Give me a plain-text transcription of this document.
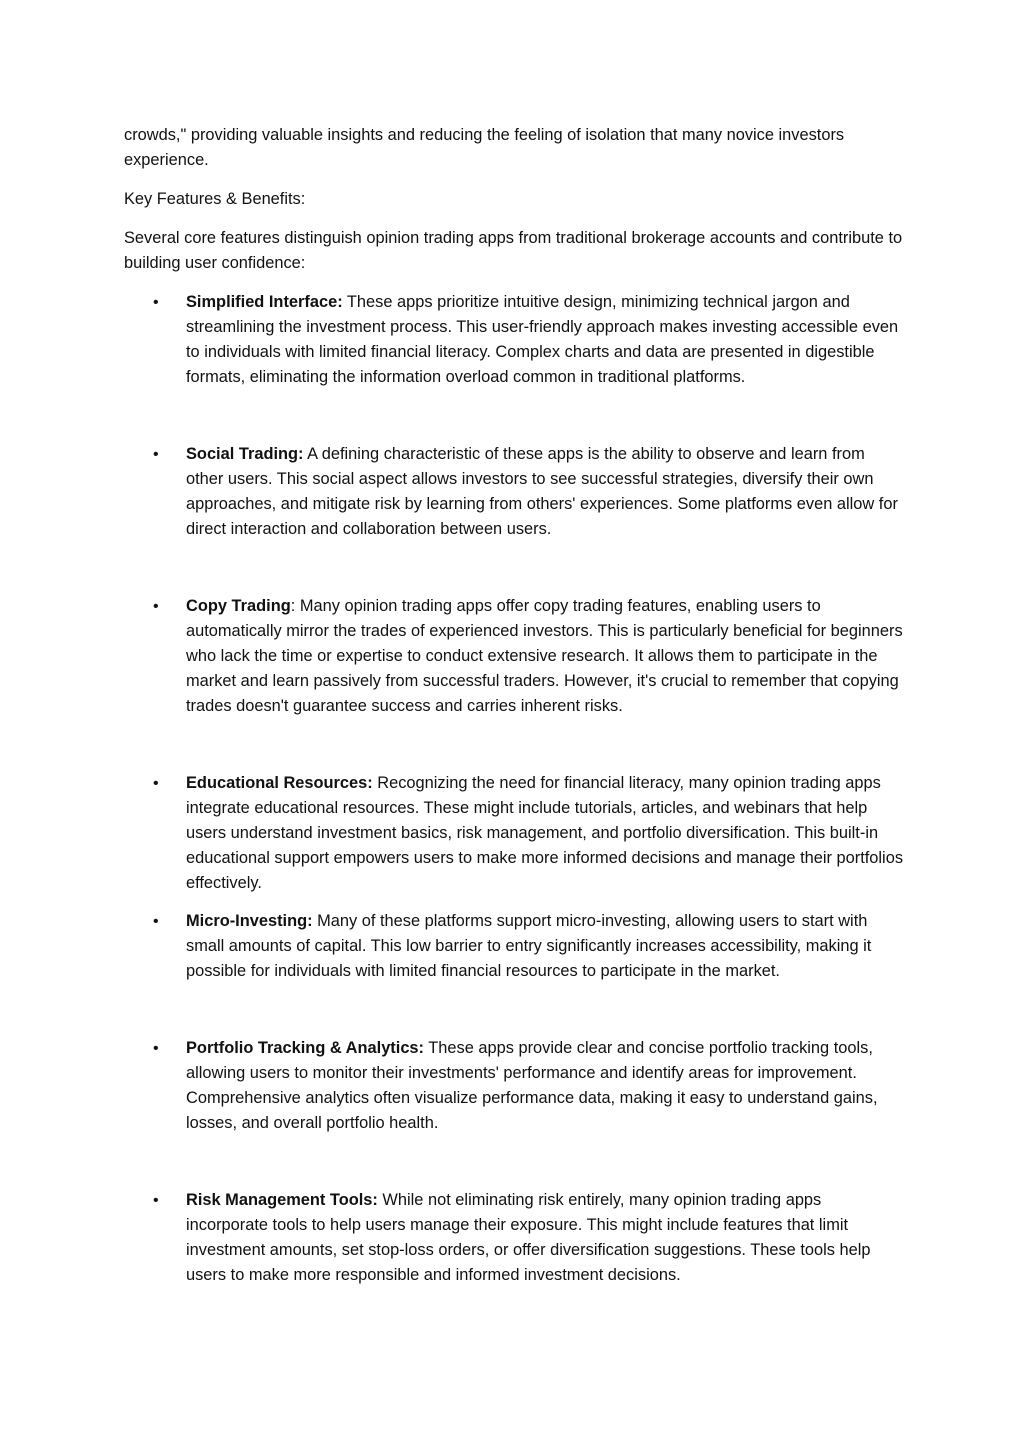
crowds," providing valuable insights and reducing the feeling of isolation that many novice investors experience.

Key Features & Benefits:

Several core features distinguish opinion trading apps from traditional brokerage accounts and contribute to building user confidence:

• Simplified Interface: These apps prioritize intuitive design, minimizing technical jargon and streamlining the investment process. This user-friendly approach makes investing accessible even to individuals with limited financial literacy. Complex charts and data are presented in digestible formats, eliminating the information overload common in traditional platforms.
• Social Trading: A defining characteristic of these apps is the ability to observe and learn from other users. This social aspect allows investors to see successful strategies, diversify their own approaches, and mitigate risk by learning from others' experiences. Some platforms even allow for direct interaction and collaboration between users.
• Copy Trading: Many opinion trading apps offer copy trading features, enabling users to automatically mirror the trades of experienced investors. This is particularly beneficial for beginners who lack the time or expertise to conduct extensive research. It allows them to participate in the market and learn passively from successful traders. However, it's crucial to remember that copying trades doesn't guarantee success and carries inherent risks.
• Educational Resources: Recognizing the need for financial literacy, many opinion trading apps integrate educational resources. These might include tutorials, articles, and webinars that help users understand investment basics, risk management, and portfolio diversification. This built-in educational support empowers users to make more informed decisions and manage their portfolios effectively.
• Micro-Investing: Many of these platforms support micro-investing, allowing users to start with small amounts of capital. This low barrier to entry significantly increases accessibility, making it possible for individuals with limited financial resources to participate in the market.
• Portfolio Tracking & Analytics: These apps provide clear and concise portfolio tracking tools, allowing users to monitor their investments' performance and identify areas for improvement. Comprehensive analytics often visualize performance data, making it easy to understand gains, losses, and overall portfolio health.
• Risk Management Tools: While not eliminating risk entirely, many opinion trading apps incorporate tools to help users manage their exposure. This might include features that limit investment amounts, set stop-loss orders, or offer diversification suggestions. These tools help users to make more responsible and informed investment decisions.
